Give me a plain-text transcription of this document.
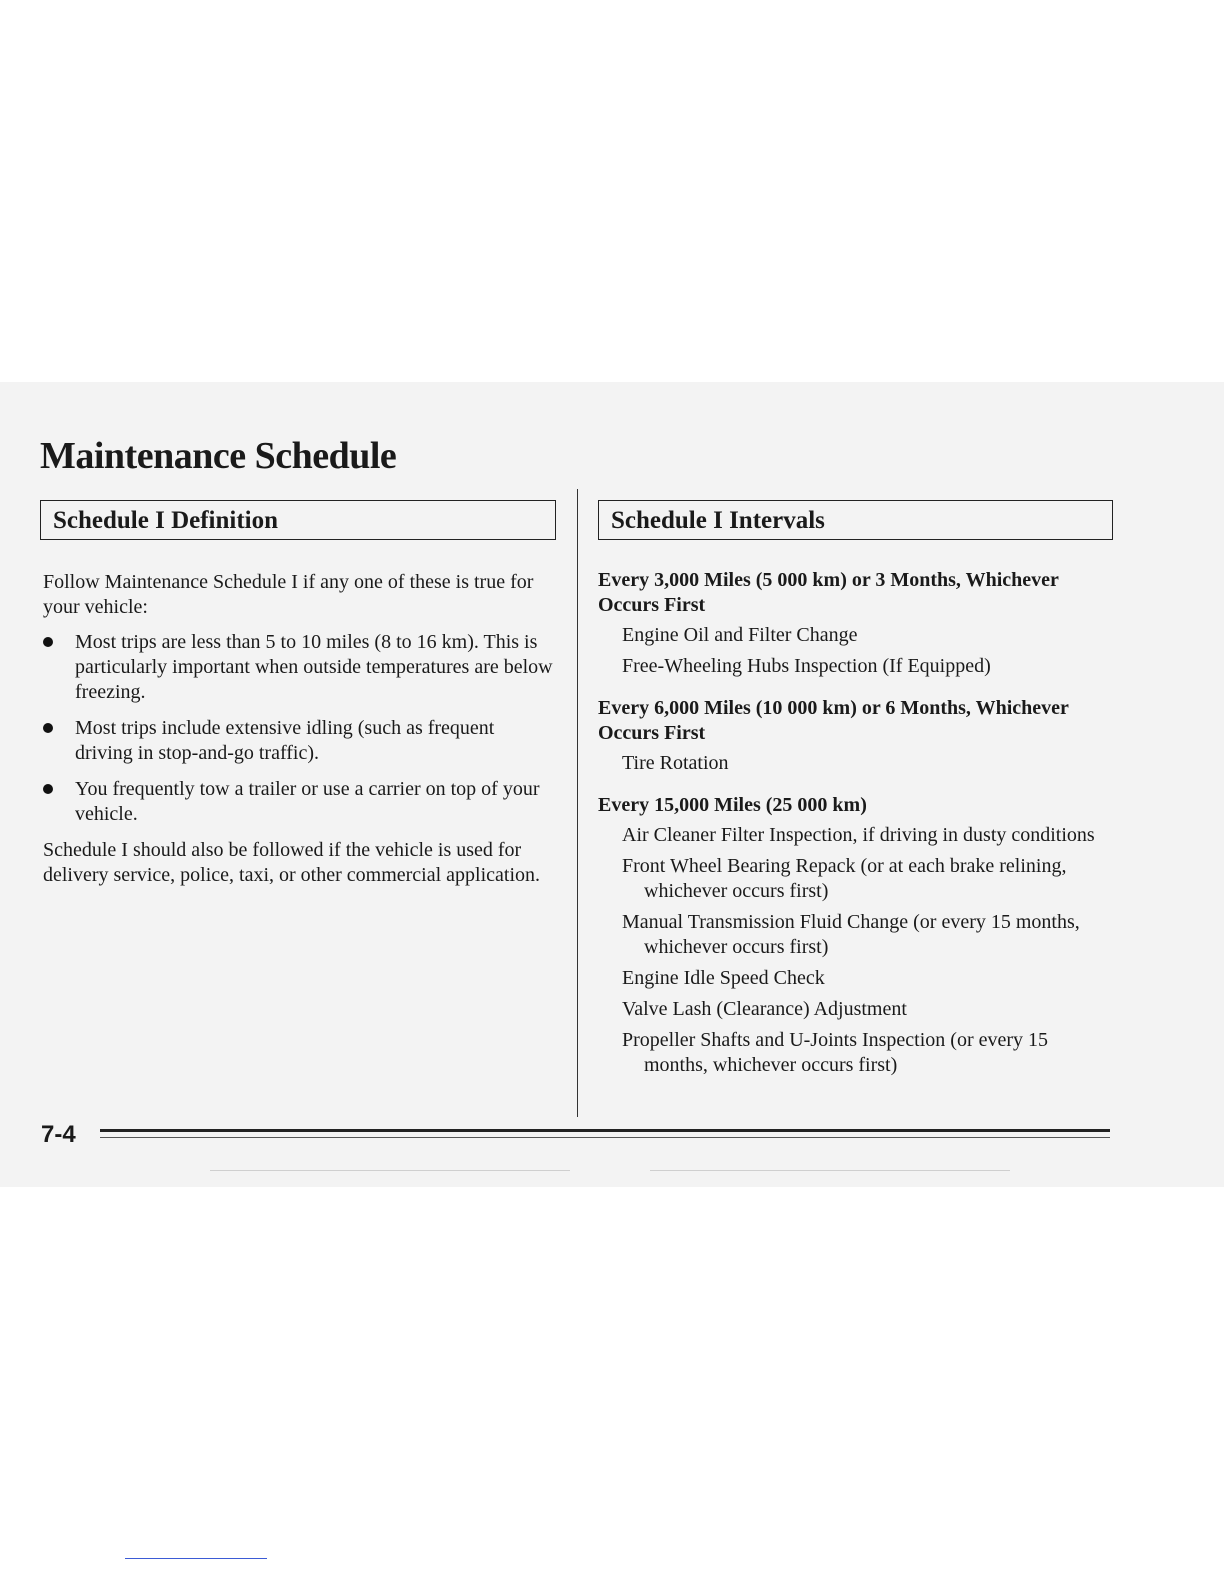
Maintenance Schedule
Schedule I Definition

Follow Maintenance Schedule I if any one of these is true for your vehicle:

Most trips are less than 5 to 10 miles (8 to 16 km). This is particularly important when outside temperatures are below freezing.
Most trips include extensive idling (such as frequent driving in stop-and-go traffic).
You frequently tow a trailer or use a carrier on top of your vehicle.

Schedule I should also be followed if the vehicle is used for delivery service, police, taxi, or other commercial application.

Schedule I Intervals

Every 3,000 Miles (5 000 km) or 3 Months, Whichever Occurs First

Engine Oil and Filter Change
Free-Wheeling Hubs Inspection (If Equipped)

Every 6,000 Miles (10 000 km) or 6 Months, Whichever Occurs First

Tire Rotation

Every 15,000 Miles (25 000 km)

Air Cleaner Filter Inspection, if driving in dusty conditions
Front Wheel Bearing Repack (or at each brake relining, whichever occurs first)
Manual Transmission Fluid Change (or every 15 months, whichever occurs first)
Engine Idle Speed Check
Valve Lash (Clearance) Adjustment
Propeller Shafts and U-Joints Inspection (or every 15 months, whichever occurs first)
7-4
